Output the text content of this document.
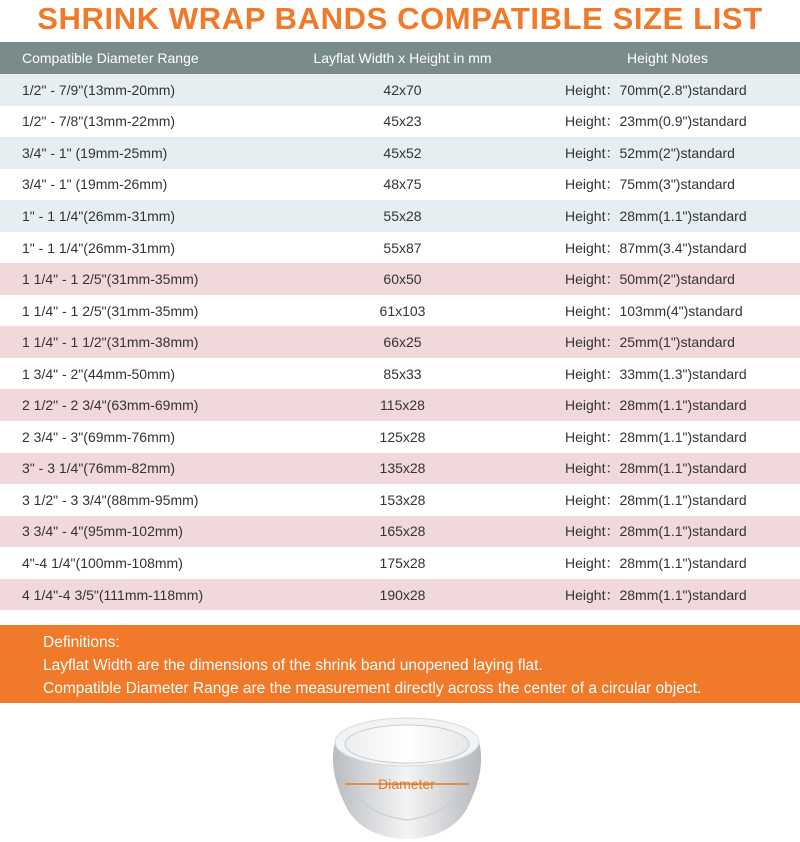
SHRINK WRAP BANDS COMPATIBLE SIZE LIST
Compatible Diameter Range	Layflat Width x Height in mm	Height Notes
1/2" - 7/9"(13mm-20mm)	42x70	Height：70mm(2.8")standard
1/2" - 7/8"(13mm-22mm)	45x23	Height：23mm(0.9")standard
3/4" - 1" (19mm-25mm)	45x52	Height：52mm(2")standard
3/4" - 1" (19mm-26mm)	48x75	Height：75mm(3")standard
1" - 1 1/4"(26mm-31mm)	55x28	Height：28mm(1.1")standard
1" - 1 1/4"(26mm-31mm)	55x87	Height：87mm(3.4")standard
1 1/4" - 1 2/5"(31mm-35mm)	60x50	Height：50mm(2")standard
1 1/4" - 1 2/5"(31mm-35mm)	61x103	Height：103mm(4")standard
1 1/4" - 1 1/2"(31mm-38mm)	66x25	Height：25mm(1")standard
1 3/4" - 2"(44mm-50mm)	85x33	Height：33mm(1.3")standard
2 1/2" - 2 3/4"(63mm-69mm)	115x28	Height：28mm(1.1")standard
2 3/4" - 3"(69mm-76mm)	125x28	Height：28mm(1.1")standard
3" - 3 1/4"(76mm-82mm)	135x28	Height：28mm(1.1")standard
3 1/2" - 3 3/4"(88mm-95mm)	153x28	Height：28mm(1.1")standard
3 3/4" - 4"(95mm-102mm)	165x28	Height：28mm(1.1")standard
4"-4 1/4"(100mm-108mm)	175x28	Height：28mm(1.1")standard
4 1/4"-4 3/5"(111mm-118mm)	190x28	Height：28mm(1.1")standard
Definitions:
Layflat Width are the dimensions of the shrink band unopened laying flat.
Compatible Diameter Range are the measurement directly across the center of a circular object.
Diameter
